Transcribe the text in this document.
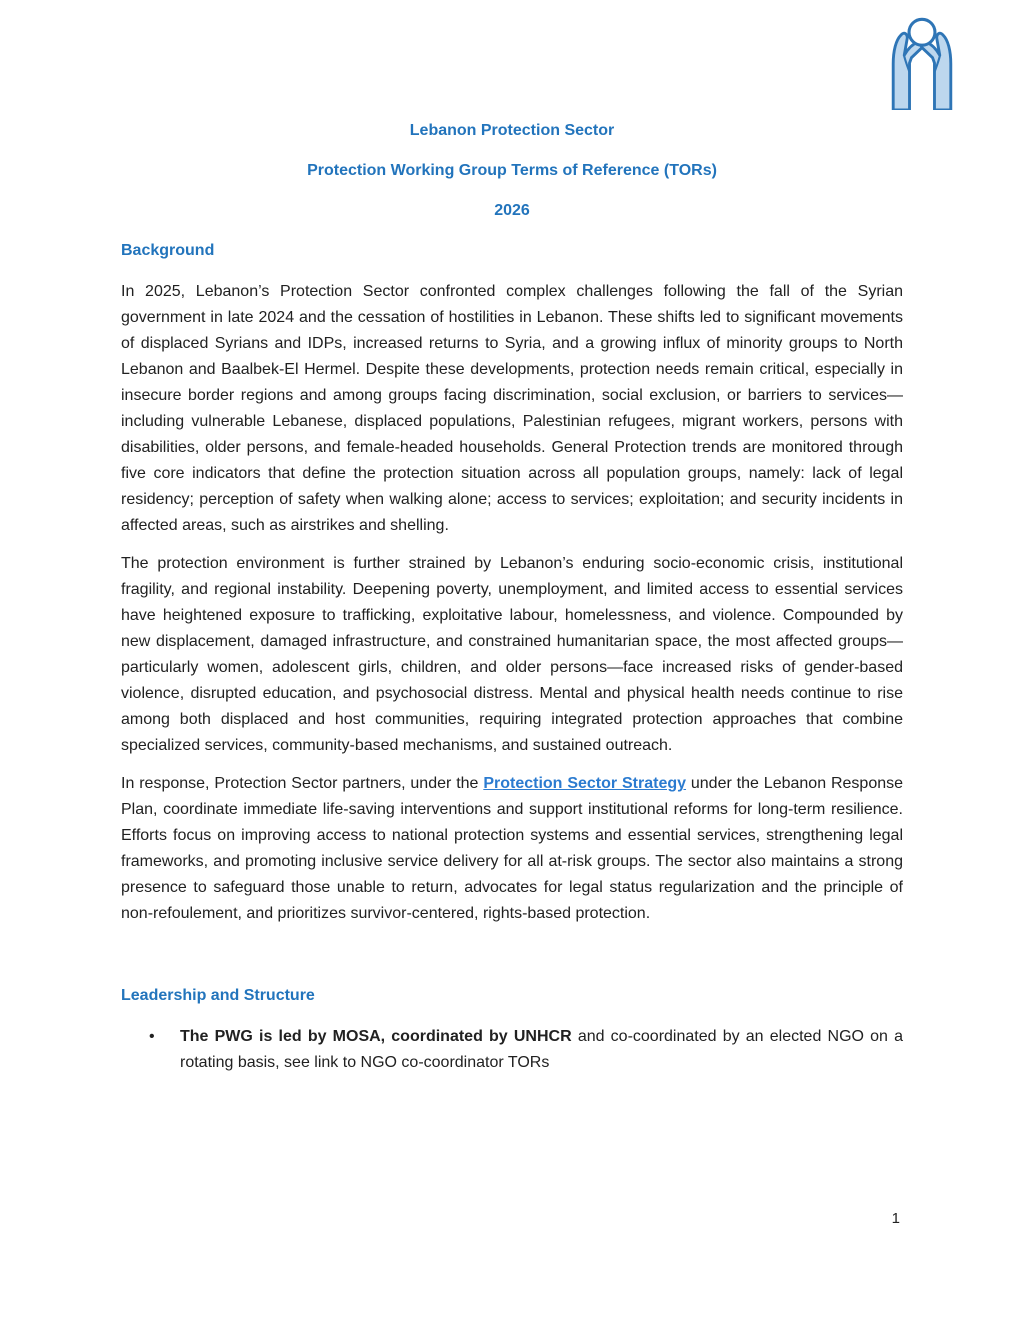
Lebanon Protection Sector

Protection Working Group Terms of Reference (TORs)

2026

Background

In 2025, Lebanon’s Protection Sector confronted complex challenges following the fall of the Syrian government in late 2024 and the cessation of hostilities in Lebanon. These shifts led to significant movements of displaced Syrians and IDPs, increased returns to Syria, and a growing influx of minority groups to North Lebanon and Baalbek-El Hermel. Despite these developments, protection needs remain critical, especially in insecure border regions and among groups facing discrimination, social exclusion, or barriers to services—including vulnerable Lebanese, displaced populations, Palestinian refugees, migrant workers, persons with disabilities, older persons, and female-headed households. General Protection trends are monitored through five core indicators that define the protection situation across all population groups, namely: lack of legal residency; perception of safety when walking alone; access to services; exploitation; and security incidents in affected areas, such as airstrikes and shelling.

The protection environment is further strained by Lebanon’s enduring socio-economic crisis, institutional fragility, and regional instability. Deepening poverty, unemployment, and limited access to essential services have heightened exposure to trafficking, exploitative labour, homelessness, and violence. Compounded by new displacement, damaged infrastructure, and constrained humanitarian space, the most affected groups—particularly women, adolescent girls, children, and older persons—face increased risks of gender-based violence, disrupted education, and psychosocial distress. Mental and physical health needs continue to rise among both displaced and host communities, requiring integrated protection approaches that combine specialized services, community-based mechanisms, and sustained outreach.

In response, Protection Sector partners, under the Protection Sector Strategy under the Lebanon Response Plan, coordinate immediate life-saving interventions and support institutional reforms for long-term resilience. Efforts focus on improving access to national protection systems and essential services, strengthening legal frameworks, and promoting inclusive service delivery for all at-risk groups. The sector also maintains a strong presence to safeguard those unable to return, advocates for legal status regularization and the principle of non-refoulement, and prioritizes survivor-centered, rights-based protection.

Leadership and Structure
•	The PWG is led by MOSA, coordinated by UNHCR and co-coordinated by an elected NGO on a rotating basis, see link to NGO co-coordinator TORs
1
